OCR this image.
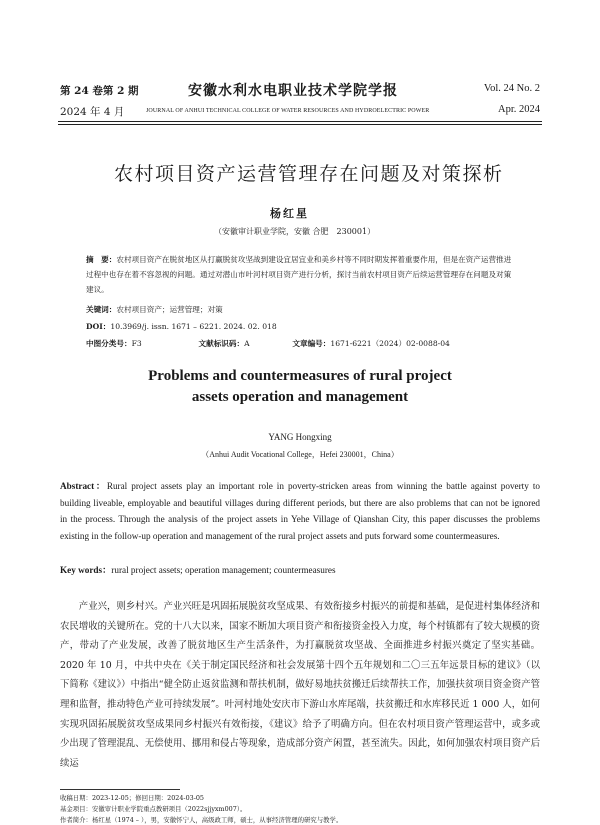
第 24 卷第 2 期
2024 年 4 月
安徽水利水电职业技术学院学报
JOURNAL OF ANHUI TECHNICAL COLLEGE OF WATER RESOURCES AND HYDROELECTRIC POWER
Vol. 24 No. 2
Apr. 2024
农村项目资产运营管理存在问题及对策探析
杨红星
（安徽审计职业学院，安徽 合肥　230001）
摘　要：农村项目资产在脱贫地区从打赢脱贫攻坚战到建设宜居宜业和美乡村等不同时期发挥着重要作用，但是在资产运营推进过程中也存在着不容忽视的问题。通过对潜山市叶河村项目资产进行分析，探讨当前农村项目资产后续运营管理存在问题及对策建议。
关键词：农村项目资产；运营管理；对策
DOI：10.3969/j. issn. 1671 – 6221. 2024. 02. 018
中图分类号：F3	文献标识码：A	文章编号：1671-6221（2024）02-0088-04
Problems and countermeasures of rural project
assets operation and management
YANG Hongxing
（Anhui Audit Vocational College，Hefei 230001，China）
Abstract：Rural project assets play an important role in poverty-stricken areas from winning the battle against poverty to building liveable, employable and beautiful villages during different periods, but there are also problems that can not be ignored in the process. Through the analysis of the project assets in Yehe Village of Qianshan City, this paper discusses the problems existing in the follow-up operation and management of the rural project assets and puts forward some countermeasures.
Key words：rural project assets; operation management; countermeasures
产业兴，则乡村兴。产业兴旺是巩固拓展脱贫攻坚成果、有效衔接乡村振兴的前提和基础，是促进村集体经济和农民增收的关键所在。党的十八大以来，国家不断加大项目资产和衔接资金投入力度，每个村镇都有了较大规模的资产，带动了产业发展，改善了脱贫地区生产生活条件，为打赢脱贫攻坚战、全面推进乡村振兴奠定了坚实基础。2020 年 10 月，中共中央在《关于制定国民经济和社会发展第十四个五年规划和二〇三五年远景目标的建议》（以下简称《建议》）中指出“健全防止返贫监测和帮扶机制，做好易地扶贫搬迁后续帮扶工作，加强扶贫项目资金资产管理和监督，推动特色产业可持续发展”。叶河村地处安庆市下游山水库尾端，扶贫搬迁和水库移民近 1 000 人，如何实现巩固拓展脱贫攻坚成果同乡村振兴有效衔接，《建议》给予了明确方向。但在农村项目资产管理运营中，或多或少出现了管理混乱、无偿使用、挪用和侵占等现象，造成部分资产闲置，甚至流失。因此，如何加强农村项目资产后续运
收稿日期：2023-12-05；修回日期：2024-03-05
基金项目：安徽审计职业学院重点教研项目（2022sjjyxm007）。
作者简介：杨红星（1974 – ），男，安徽怀宁人，高级政工师，硕士，从事经济管理的研究与教学。
